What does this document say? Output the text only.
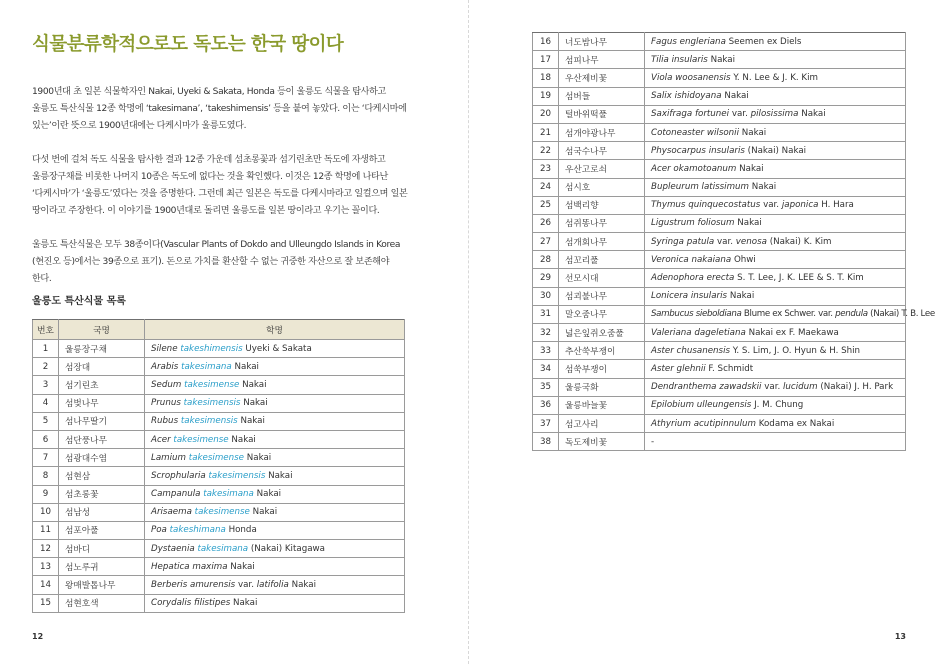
식물분류학적으로도 독도는 한국 땅이다

1900년대 초 일본 식물학자인 Nakai, Uyeki & Sakata, Honda 등이 울릉도 식물을 탐사하고 울릉도 특산식물 12종 학명에 ‘takesimana’, ‘takeshimensis’ 등을 붙여 놓았다. 이는 ‘다케시마에 있는’이란 뜻으로 1900년대에는 다케시마가 울릉도였다.

다섯 번에 걸쳐 독도 식물을 탐사한 결과 12종 가운데 섬초롱꽃과 섬기린초만 독도에 자생하고 울릉장구채를 비롯한 나머지 10종은 독도에 없다는 것을 확인했다. 이것은 12종 학명에 나타난 ‘다케시마’가 ‘울릉도’였다는 것을 증명한다. 그런데 최근 일본은 독도를 다케시마라고 일컬으며 일본 땅이라고 주장한다. 이 이야기를 1900년대로 돌리면 울릉도를 일본 땅이라고 우기는 꼴이다.

울릉도 특산식물은 모두 38종이다(Vascular Plants of Dokdo and Ulleungdo Islands in Korea (현진오 등)에서는 39종으로 표기). 돈으로 가치를 환산할 수 없는 귀중한 자산으로 잘 보존해야 한다.

울릉도 특산식물 목록
번호	국명	학명
1	울릉장구채	Silene takeshimensis Uyeki & Sakata
2	섬장대	Arabis takesimana Nakai
3	섬기린초	Sedum takesimense Nakai
4	섬벚나무	Prunus takesimensis Nakai
5	섬나무딸기	Rubus takesimensis Nakai
6	섬단풍나무	Acer takesimense Nakai
7	섬광대수염	Lamium takesimense Nakai
8	섬현삼	Scrophularia takesimensis Nakai
9	섬초롱꽃	Campanula takesimana Nakai
10	섬남성	Arisaema takesimense Nakai
11	섬포아풀	Poa takeshimana Honda
12	섬바디	Dystaenia takesimana (Nakai) Kitagawa
13	섬노루귀	Hepatica maxima Nakai
14	왕매발톱나무	Berberis amurensis var. latifolia Nakai
15	섬현호색	Corydalis filistipes Nakai
12
16	너도밤나무	Fagus engleriana Seemen ex Diels
17	섬피나무	Tilia insularis Nakai
18	우산제비꽃	Viola woosanensis Y. N. Lee & J. K. Kim
19	섬버들	Salix ishidoyana Nakai
20	털바위떡풀	Saxifraga fortunei var. pilosissima Nakai
21	섬개야광나무	Cotoneaster wilsonii Nakai
22	섬국수나무	Physocarpus insularis (Nakai) Nakai
23	우산고로쇠	Acer okamotoanum Nakai
24	섬시호	Bupleurum latissimum Nakai
25	섬백리향	Thymus quinquecostatus var. japonica H. Hara
26	섬쥐똥나무	Ligustrum foliosum Nakai
27	섬개회나무	Syringa patula var. venosa (Nakai) K. Kim
28	섬꼬리풀	Veronica nakaiana Ohwi
29	선모시대	Adenophora erecta S. T. Lee, J. K. LEE & S. T. Kim
30	섬괴불나무	Lonicera insularis Nakai
31	말오줌나무	Sambucus sieboldiana Blume ex Schwer. var. pendula (Nakai) T. B. Lee
32	넓은잎쥐오줌풀	Valeriana dageletiana Nakai ex F. Maekawa
33	추산쑥부쟁이	Aster chusanensis Y. S. Lim, J. O. Hyun & H. Shin
34	섬쑥부쟁이	Aster glehnii F. Schmidt
35	울릉국화	Dendranthema zawadskii var. lucidum (Nakai) J. H. Park
36	울릉바늘꽃	Epilobium ulleungensis J. M. Chung
37	섬고사리	Athyrium acutipinnulum Kodama ex Nakai
38	독도제비꽃	-
13
